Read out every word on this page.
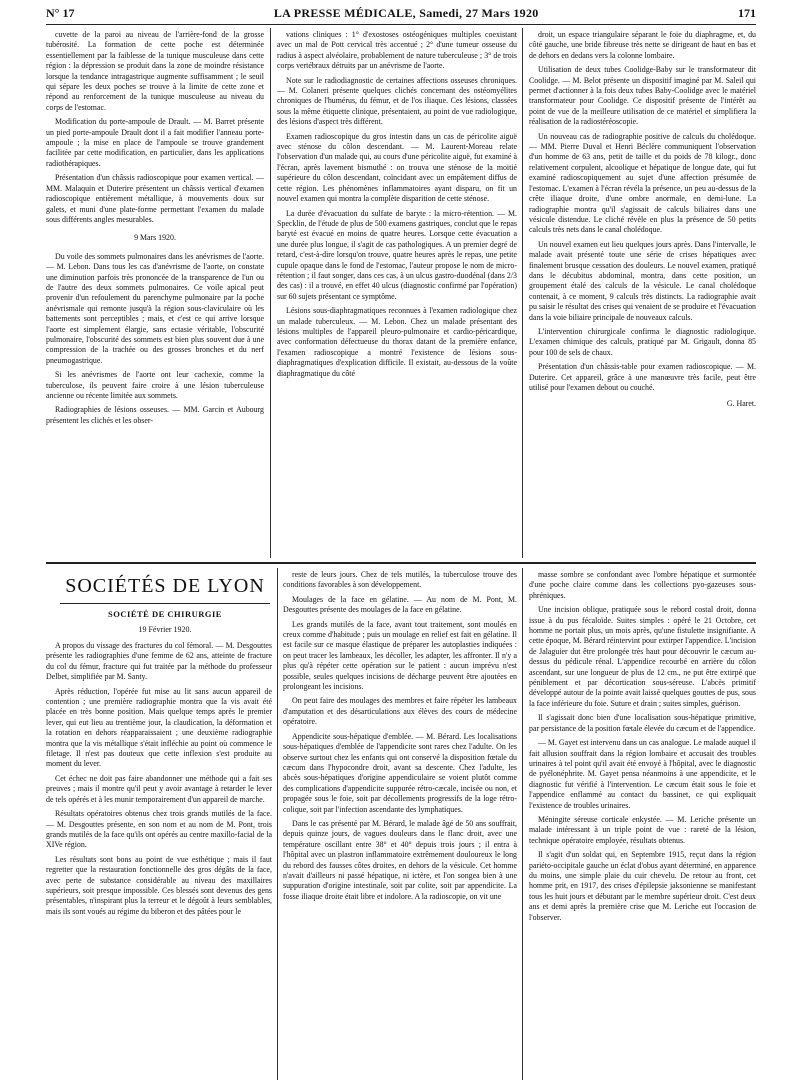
N° 17	LA PRESSE MÉDICALE, Samedi, 27 Mars 1920	171

cuvette de la paroi au niveau de l'arrière-fond de la grosse tubérosité. La formation de cette poche est déterminée essentiellement par la faiblesse de la tunique musculeuse dans cette région : la dépression se produit dans la zone de moindre résistance lorsque la tendance intragastrique augmente suffisamment ; le seuil qui sépare les deux poches se trouve à la limite de cette zone et répond au renforcement de la tunique musculeuse au niveau du corps de l'estomac.

Modification du porte-ampoule de Drault. — M. Barret présente un pied porte-ampoule Drault dont il a fait modifier l'anneau porte-ampoule ; la mise en place de l'ampoule se trouve grandement facilitée par cette modification, en particulier, dans les applications radiothérapiques.

Présentation d'un châssis radioscopique pour examen vertical. — MM. Malaquin et Duterire présentent un châssis vertical d'examen radioscopique entièrement métallique, à mouvements doux sur galets, et muni d'une plate-forme permettant l'examen du malade sous différents angles mesurables.

9 Mars 1920.

Du voile des sommets pulmonaires dans les anévrismes de l'aorte. — M. Lebon. Dans tous les cas d'anévrisme de l'aorte, on constate une diminution parfois très prononcée de la transparence de l'un ou de l'autre des deux sommets pulmonaires. Ce voile apical peut provenir d'un refoulement du parenchyme pulmonaire par la poche anévrismale qui remonte jusqu'à la région sous-claviculaire où les battements sont perceptibles ; mais, et c'est ce qui arrive lorsque l'aorte est simplement élargie, sans ectasie véritable, l'obscurité pulmonaire, l'obscurité des sommets est bien plus souvent due à une compression de la trachée ou des grosses bronches et du nerf pneumogastrique.

Si les anévrismes de l'aorte ont leur cachexie, comme la tuberculose, ils peuvent faire croire à une lésion tuberculeuse ancienne ou récente limitée aux sommets.

Radiographies de lésions osseuses. — MM. Garcin et Aubourg présentent les clichés et les obser-

vations cliniques : 1° d'exostoses ostéogéniques multiples coexistant avec un mal de Pott cervical très accentué ; 2° d'une tumeur osseuse du radius à aspect alvéolaire, probablement de nature tuberculeuse ; 3° de trois corps vertébraux détruits par un anévrisme de l'aorte.

Note sur le radiodiagnostic de certaines affections osseuses chroniques. — M. Colaneri présente quelques clichés concernant des ostéomyélites chroniques de l'humérus, du fémur, et de l'os iliaque. Ces lésions, classées sous la même étiquette clinique, présentaient, au point de vue radiologique, des lésions d'aspect très différent.

Examen radioscopique du gros intestin dans un cas de péricolite aiguë avec sténose du côlon descendant. — M. Laurent-Moreau relate l'observation d'un malade qui, au cours d'une péricolite aiguë, fut examiné à l'écran, après lavement bismuthé : on trouva une sténose de la moitié supérieure du côlon descendant, coïncidant avec un empâtement diffus de cette région. Les phénomènes inflammatoires ayant disparu, on fit un nouvel examen qui montra la complète disparition de cette sténose.

La durée d'évacuation du sulfate de baryte : la micro-rétention. — M. Specklin, de l'étude de plus de 500 examens gastriques, conclut que le repas baryté est évacué en moins de quatre heures. Lorsque cette évacuation a une durée plus longue, il s'agit de cas pathologiques. A un premier degré de retard, c'est-à-dire lorsqu'on trouve, quatre heures après le repas, une petite cupule opaque dans le fond de l'estomac, l'auteur propose le nom de micro-rétention ; il faut songer, dans ces cas, à un ulcus gastro-duodénal (dans 2/3 des cas) : il a trouvé, en effet 40 ulcus (diagnostic confirmé par l'opération) sur 60 sujets présentant ce symptôme.

Lésions sous-diaphragmatiques reconnues à l'examen radiologique chez un malade tuberculeux. — M. Lebon. Chez un malade présentant des lésions multiples de l'appareil pleuro-pulmonaire et cardio-péricardique, avec conformation défectueuse du thorax datant de la première enfance, l'examen radioscopique a montré l'existence de lésions sous-diaphragmatiques d'explication difficile. Il existait, au-dessous de la voûte diaphragmatique du côté

droit, un espace triangulaire séparant le foie du diaphragme, et, du côté gauche, une bride fibreuse très nette se dirigeant de haut en bas et de dehors en dedans vers la colonne lombaire.

Utilisation de deux tubes Coolidge-Baby sur le transformateur dit Coolidge. — M. Belot présente un dispositif imaginé par M. Saleil qui permet d'actionner à la fois deux tubes Baby-Coolidge avec le matériel transformateur pour Coolidge. Ce dispositif présente de l'intérêt au point de vue de la meilleure utilisation de ce matériel et simplifiera la réalisation de la radiostéréoscopie.

Un nouveau cas de radiographie positive de calculs du cholédoque. — MM. Pierre Duval et Henri Béclère communiquent l'observation d'un homme de 63 ans, petit de taille et du poids de 78 kilogr., donc relativement corpulent, alcoolique et hépatique de longue date, qui fut examiné radioscopiquement au sujet d'une affection présumée de l'estomac. L'examen à l'écran révéla la présence, un peu au-dessus de la crête iliaque droite, d'une ombre anormale, en demi-lune. La radiographie montra qu'il s'agissait de calculs biliaires dans une vésicule distendue. Le cliché révèle en plus la présence de 50 petits calculs très nets dans le canal cholédoque.

Un nouvel examen eut lieu quelques jours après. Dans l'intervalle, le malade avait présenté toute une série de crises hépatiques avec finalement brusque cessation des douleurs. Le nouvel examen, pratiqué dans le décubitus abdominal, montra, dans cette position, un groupement étalé des calculs de la vésicule. Le canal cholédoque contenait, à ce moment, 9 calculs très distincts. La radiographie avait pu saisir le résultat des crises qui venaient de se produire et l'évacuation dans la voie biliaire principale de nouveaux calculs.

L'intervention chirurgicale confirma le diagnostic radiologique. L'examen chimique des calculs, pratiqué par M. Grigault, donna 85 pour 100 de sels de chaux.

Présentation d'un châssis-table pour examen radioscopique. — M. Duterire. Cet appareil, grâce à une manœuvre très facile, peut être utilisé pour l'examen debout ou couché.

G. Haret.

SOCIÉTÉS DE LYON
SOCIÉTÉ DE CHIRURGIE
19 Février 1920.

A propos du vissage des fractures du col fémoral. — M. Desgouttes présente les radiographies d'une femme de 62 ans, atteinte de fracture du col du fémur, fracture qui fut traitée par la méthode du professeur Delbet, simplifiée par M. Santy.

Après réduction, l'opérée fut mise au lit sans aucun appareil de contention ; une première radiographie montra que la vis avait été placée en très bonne position. Mais quelque temps après le premier lever, qui eut lieu au trentième jour, la claudication, la déformation et la rotation en dehors réapparaissaient ; une deuxième radiographie montra que la vis métallique s'était infléchie au point où commence le filetage. Il n'est pas douteux que cette inflexion s'est produite au moment du lever.

Cet échec ne doit pas faire abandonner une méthode qui a fait ses preuves ; mais il montre qu'il peut y avoir avantage à retarder le lever de tels opérés et à les munir temporairement d'un appareil de marche.

Résultats opératoires obtenus chez trois grands mutilés de la face. — M. Desgouttes présente, en son nom et au nom de M. Pont, trois grands mutilés de la face qu'ils ont opérés au centre maxillo-facial de la XIVe région.

Les résultats sont bons au point de vue esthétique ; mais il faut regretter que la restauration fonctionnelle des gros dégâts de la face, avec perte de substance considérable au niveau des maxillaires supérieurs, soit presque impossible. Ces blessés sont devenus des gens présentables, n'inspirant plus la terreur et le dégoût à leurs semblables, mais ils sont voués au régime du biberon et des pâtées pour le

reste de leurs jours. Chez de tels mutilés, la tuberculose trouve des conditions favorables à son développement.

Moulages de la face en gélatine. — Au nom de M. Pont, M. Desgouttes présente des moulages de la face en gélatine.

Les grands mutilés de la face, avant tout traitement, sont moulés en creux comme d'habitude ; puis un moulage en relief est fait en gélatine. Il est facile sur ce masque élastique de préparer les autoplasties indiquées : on peut tracer les lambeaux, les décoller, les adapter, les affronter. Il n'y a plus qu'à répéter cette opération sur le patient : aucun imprévu n'est possible, seules quelques incisions de décharge peuvent être ajoutées en prolongeant les incisions.

On peut faire des moulages des membres et faire répéter les lambeaux d'amputation et des désarticulations aux élèves des cours de médecine opératoire.

Appendicite sous-hépatique d'emblée. — M. Bérard. Les localisations sous-hépatiques d'emblée de l'appendicite sont rares chez l'adulte. On les observe surtout chez les enfants qui ont conservé la disposition fœtale du cæcum dans l'hypocondre droit, avant sa descente. Chez l'adulte, les abcès sous-hépatiques d'origine appendiculaire se voient plutôt comme des complications d'appendicite suppurée rétro-cæcale, incisée ou non, et propagée sous le foie, soit par décollements progressifs de la loge rétro-colique, soit par l'infection ascendante des lymphatiques.

Dans le cas présenté par M. Bérard, le malade âgé de 50 ans souffrait, depuis quinze jours, de vagues douleurs dans le flanc droit, avec une température oscillant entre 38° et 40° depuis trois jours ; il entra à l'hôpital avec un plastron inflammatoire extrêmement douloureux le long du rebord des fausses côtes droites, en dehors de la vésicule. Cet homme n'avait d'ailleurs ni passé hépatique, ni ictère, et l'on songea bien à une suppuration d'origine intestinale, soit par colite, soit par appendicite. La fosse iliaque droite était libre et indolore. A la radioscopie, on vit une

masse sombre se confondant avec l'ombre hépatique et surmontée d'une poche claire comme dans les collections pyo-gazeuses sous-phréniques.

Une incision oblique, pratiquée sous le rebord costal droit, donna issue à du pus fécaloïde. Suites simples : opéré le 21 Octobre, cet homme ne portait plus, un mois après, qu'une fistulette insignifiante. A cette époque, M. Bérard réintervint pour extirper l'appendice. L'incision de Jalaguier dut être prolongée très haut pour découvrir le cæcum au-dessus du pédicule rénal. L'appendice recourbé en arrière du côlon ascendant, sur une longueur de plus de 12 cm., ne put être extirpé que péniblement et par décortication sous-séreuse. L'abcès primitif développé autour de la pointe avait laissé quelques gouttes de pus, sous la face inférieure du foie. Suture et drain ; suites simples, guérison.

Il s'agissait donc bien d'une localisation sous-hépatique primitive, par persistance de la position fœtale élevée du cæcum et de l'appendice.

— M. Gayet est intervenu dans un cas analogue. Le malade auquel il fait allusion souffrait dans la région lombaire et accusait des troubles urinaires à tel point qu'il avait été envoyé à l'hôpital, avec le diagnostic de pyélonéphrite. M. Gayet pensa néanmoins à une appendicite, et le diagnostic fut vérifié à l'intervention. Le cæcum était sous le foie et l'appendice enflammé au contact du bassinet, ce qui expliquait l'existence de troubles urinaires.

Méningite séreuse corticale enkystée. — M. Leriche présente un malade intéressant à un triple point de vue : rareté de la lésion, technique opératoire employée, résultats obtenus.

Il s'agit d'un soldat qui, en Septembre 1915, reçut dans la région pariéto-occipitale gauche un éclat d'obus ayant déterminé, en apparence du moins, une simple plaie du cuir chevelu. De retour au front, cet homme prit, en 1917, des crises d'épilepsie jaksonienne se manifestant tous les huit jours et débutant par le membre supérieur droit. C'est deux ans et demi après la première crise que M. Leriche eut l'occasion de l'observer.
